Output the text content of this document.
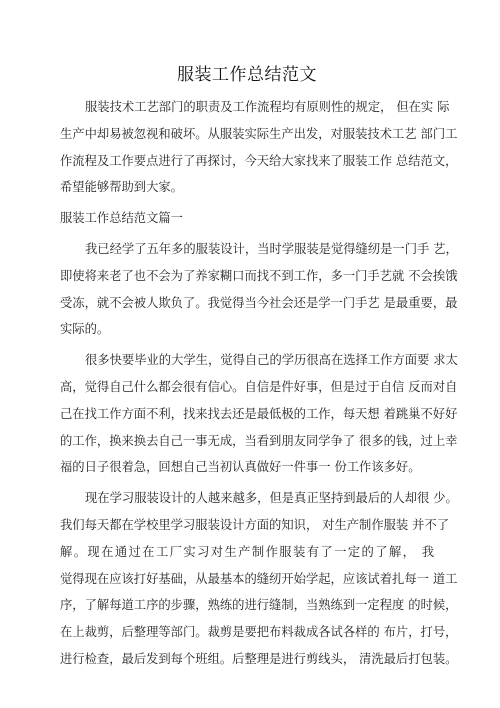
服装工作总结范文
服装技术工艺部门的职责及工作流程均有原则性的规定， 但在实 际
生产中却易被忽视和破坏。从服装实际生产出发，对服装技术工艺 部门工
作流程及工作要点进行了再探讨，今天给大家找来了服装工作 总结范文，
希望能够帮助到大家。
服装工作总结范文篇一
我已经学了五年多的服装设计，当时学服装是觉得缝纫是一门手 艺，
即使将来老了也不会为了养家糊口而找不到工作，多一门手艺就 不会挨饿
受冻，就不会被人欺负了。我觉得当今社会还是学一门手艺 是最重要，最
实际的。
很多快要毕业的大学生，觉得自己的学历很高在选择工作方面要 求太
高，觉得自己什么都会很有信心。自信是件好事，但是过于自信 反而对自
己在找工作方面不利，找来找去还是最低极的工作，每天想 着跳巢不好好
的工作，换来换去自己一事无成，当看到朋友同学争了 很多的钱，过上幸
福的日子很着急，回想自己当初认真做好一件事一 份工作该多好。
现在学习服装设计的人越来越多，但是真正坚持到最后的人却很 少。
我们每天都在学校里学习服装设计方面的知识， 对生产制作服装 并不了
解。现在通过在工厂实习对生产制作服装有了一定的了解， 我
觉得现在应该打好基础，从最基本的缝纫开始学起，应该试着扎每一 道工
序，了解每道工序的步骤，熟练的进行缝制，当熟练到一定程度 的时候，
在上裁剪，后整理等部门。裁剪是要把布料裁成各试各样的 布片，打号，
进行检查，最后发到每个班组。后整理是进行剪线头， 清洗最后打包装。
